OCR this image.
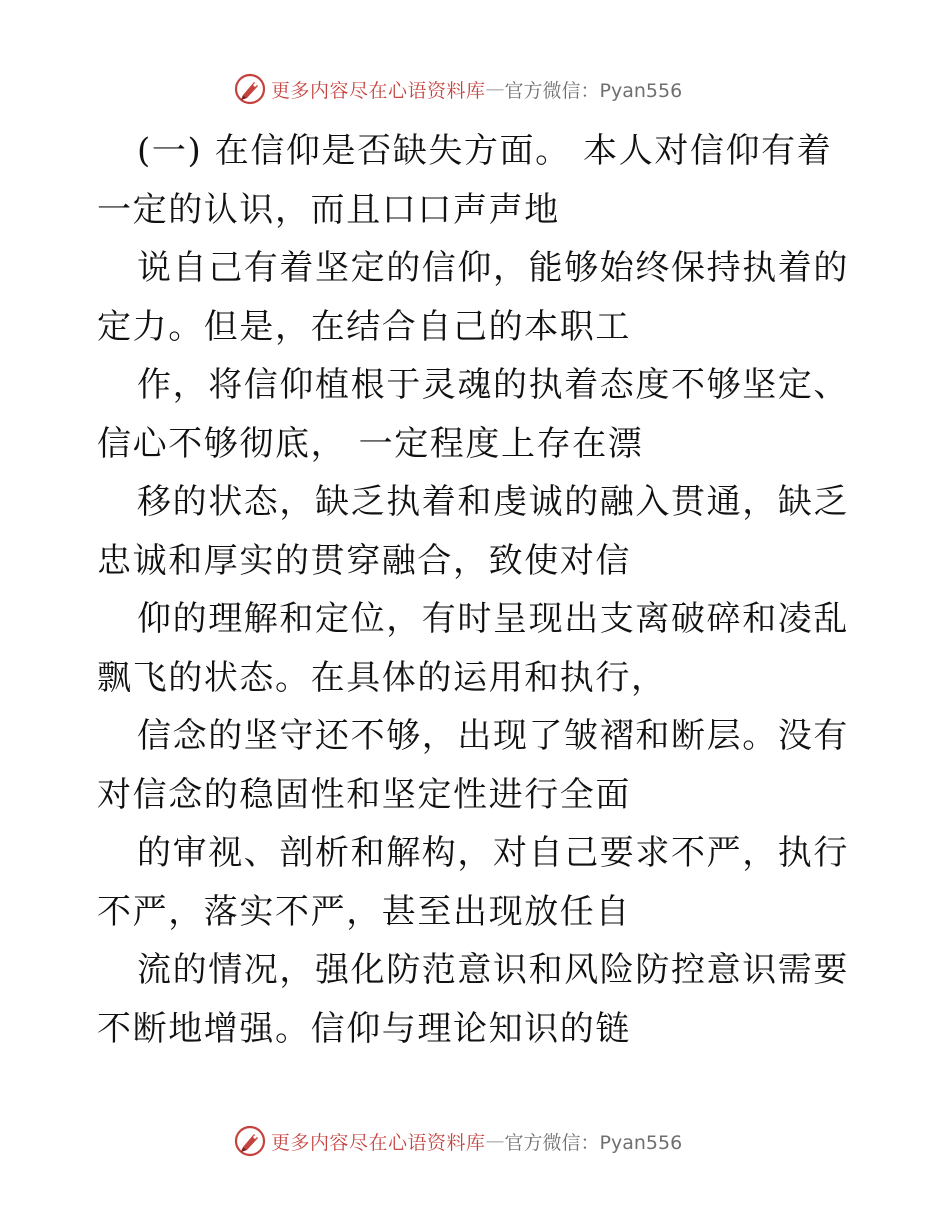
更多内容尽在心语资料库 — 官方微信：Pyan556

(一) 在信仰是否缺失方面。 本人对信仰有着一定的认识，而且口口声声地

说自己有着坚定的信仰，能够始终保持执着的定力。但是，在结合自己的本职工

作，将信仰植根于灵魂的执着态度不够坚定、信心不够彻底， 一定程度上存在漂

移的状态，缺乏执着和虔诚的融入贯通，缺乏忠诚和厚实的贯穿融合，致使对信

仰的理解和定位，有时呈现出支离破碎和凌乱飘飞的状态。在具体的运用和执行，

信念的坚守还不够，出现了皱褶和断层。没有对信念的稳固性和坚定性进行全面

的审视、剖析和解构，对自己要求不严，执行不严，落实不严，甚至出现放任自

流的情况，强化防范意识和风险防控意识需要不断地增强。信仰与理论知识的链

更多内容尽在心语资料库 — 官方微信：Pyan556
